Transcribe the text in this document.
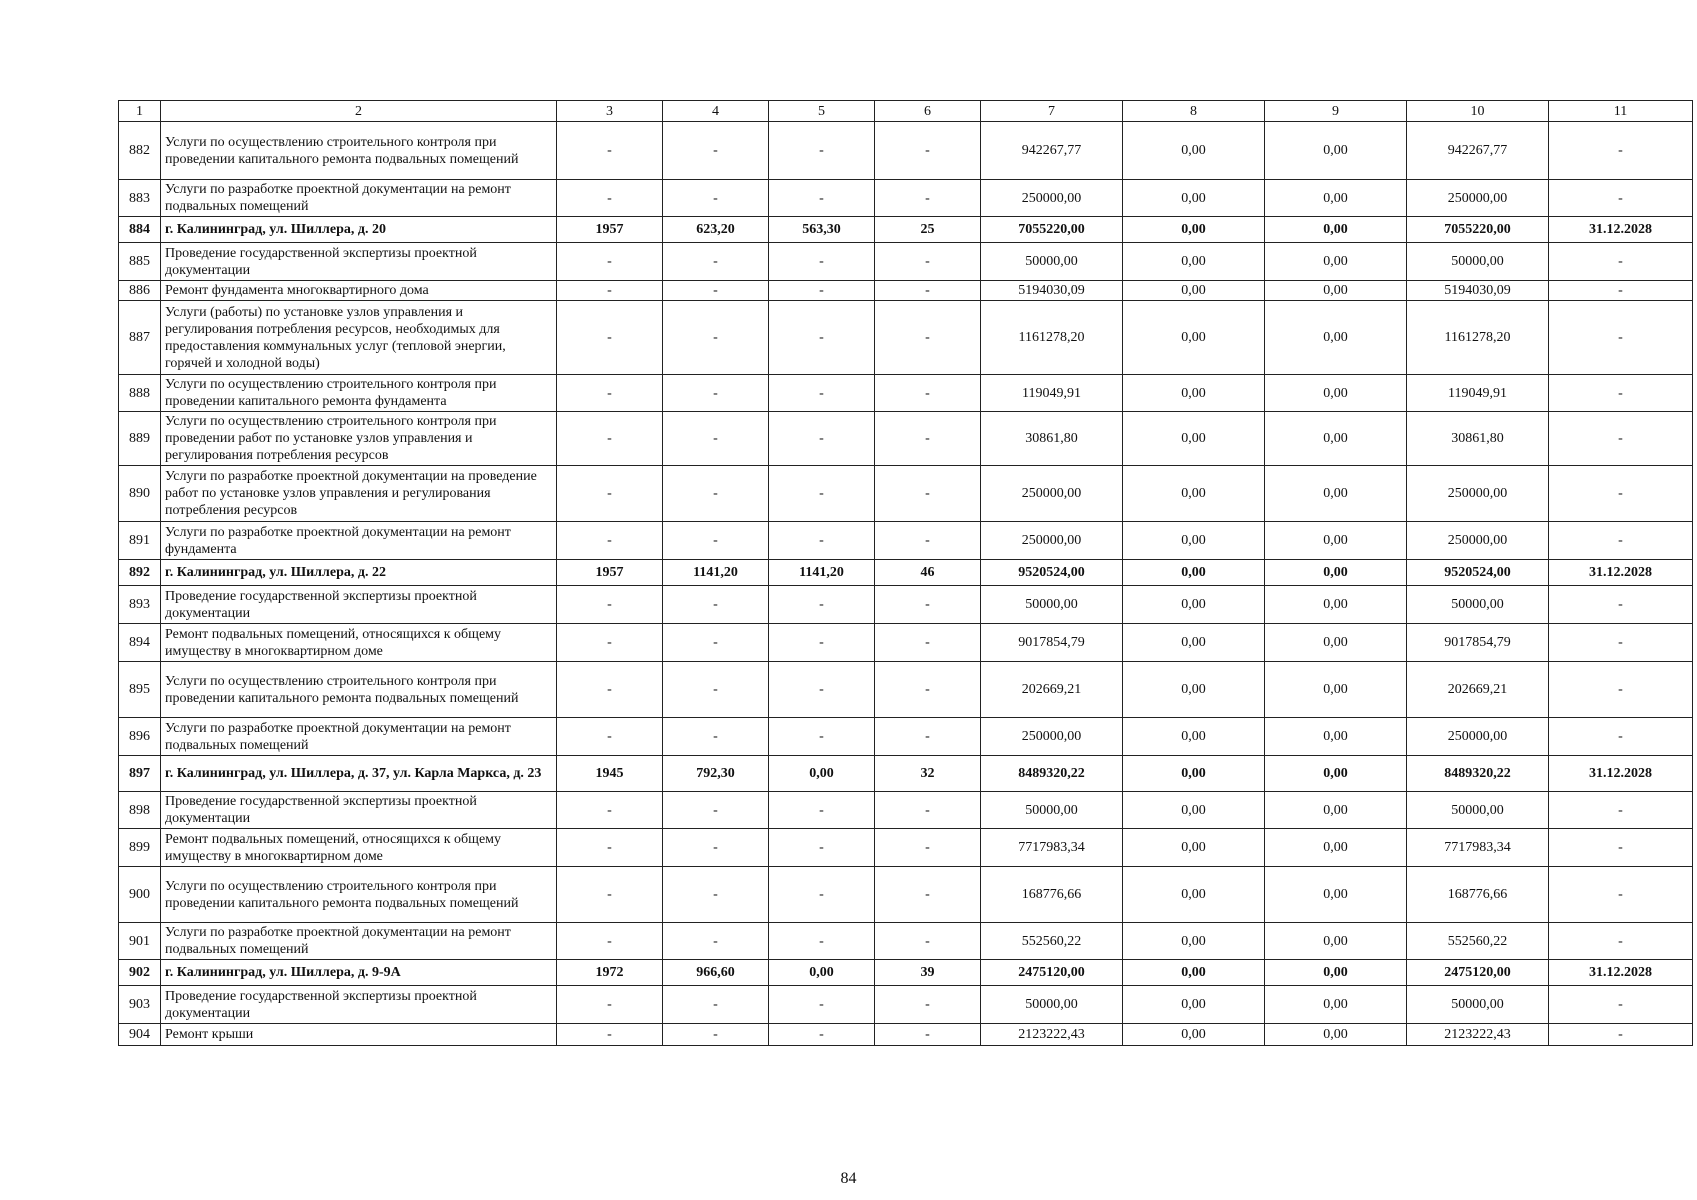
1	2	3	4	5	6	7	8	9	10	11
882	Услуги по осуществлению строительного контроля при проведении капитального ремонта подвальных помещений	-	-	-	-	942267,77	0,00	0,00	942267,77	-
883	Услуги по разработке проектной документации на ремонт подвальных помещений	-	-	-	-	250000,00	0,00	0,00	250000,00	-
884	г. Калининград, ул. Шиллера, д. 20	1957	623,20	563,30	25	7055220,00	0,00	0,00	7055220,00	31.12.2028
885	Проведение государственной экспертизы проектной документации	-	-	-	-	50000,00	0,00	0,00	50000,00	-
886	Ремонт фундамента многоквартирного дома	-	-	-	-	5194030,09	0,00	0,00	5194030,09	-
887	Услуги (работы) по установке узлов управления и регулирования потребления ресурсов, необходимых для предоставления коммунальных услуг (тепловой энергии, горячей и холодной воды)	-	-	-	-	1161278,20	0,00	0,00	1161278,20	-
888	Услуги по осуществлению строительного контроля при проведении капитального ремонта фундамента	-	-	-	-	119049,91	0,00	0,00	119049,91	-
889	Услуги по осуществлению строительного контроля при проведении работ по установке узлов управления и регулирования потребления ресурсов	-	-	-	-	30861,80	0,00	0,00	30861,80	-
890	Услуги по разработке проектной документации на проведение работ по установке узлов управления и регулирования потребления ресурсов	-	-	-	-	250000,00	0,00	0,00	250000,00	-
891	Услуги по разработке проектной документации на ремонт фундамента	-	-	-	-	250000,00	0,00	0,00	250000,00	-
892	г. Калининград, ул. Шиллера, д. 22	1957	1141,20	1141,20	46	9520524,00	0,00	0,00	9520524,00	31.12.2028
893	Проведение государственной экспертизы проектной документации	-	-	-	-	50000,00	0,00	0,00	50000,00	-
894	Ремонт подвальных помещений, относящихся к общему имуществу в многоквартирном доме	-	-	-	-	9017854,79	0,00	0,00	9017854,79	-
895	Услуги по осуществлению строительного контроля при проведении капитального ремонта подвальных помещений	-	-	-	-	202669,21	0,00	0,00	202669,21	-
896	Услуги по разработке проектной документации на ремонт подвальных помещений	-	-	-	-	250000,00	0,00	0,00	250000,00	-
897	г. Калининград, ул. Шиллера, д. 37, ул. Карла Маркса, д. 23	1945	792,30	0,00	32	8489320,22	0,00	0,00	8489320,22	31.12.2028
898	Проведение государственной экспертизы проектной документации	-	-	-	-	50000,00	0,00	0,00	50000,00	-
899	Ремонт подвальных помещений, относящихся к общему имуществу в многоквартирном доме	-	-	-	-	7717983,34	0,00	0,00	7717983,34	-
900	Услуги по осуществлению строительного контроля при проведении капитального ремонта подвальных помещений	-	-	-	-	168776,66	0,00	0,00	168776,66	-
901	Услуги по разработке проектной документации на ремонт подвальных помещений	-	-	-	-	552560,22	0,00	0,00	552560,22	-
902	г. Калининград, ул. Шиллера, д. 9-9А	1972	966,60	0,00	39	2475120,00	0,00	0,00	2475120,00	31.12.2028
903	Проведение государственной экспертизы проектной документации	-	-	-	-	50000,00	0,00	0,00	50000,00	-
904	Ремонт крыши	-	-	-	-	2123222,43	0,00	0,00	2123222,43	-
84
